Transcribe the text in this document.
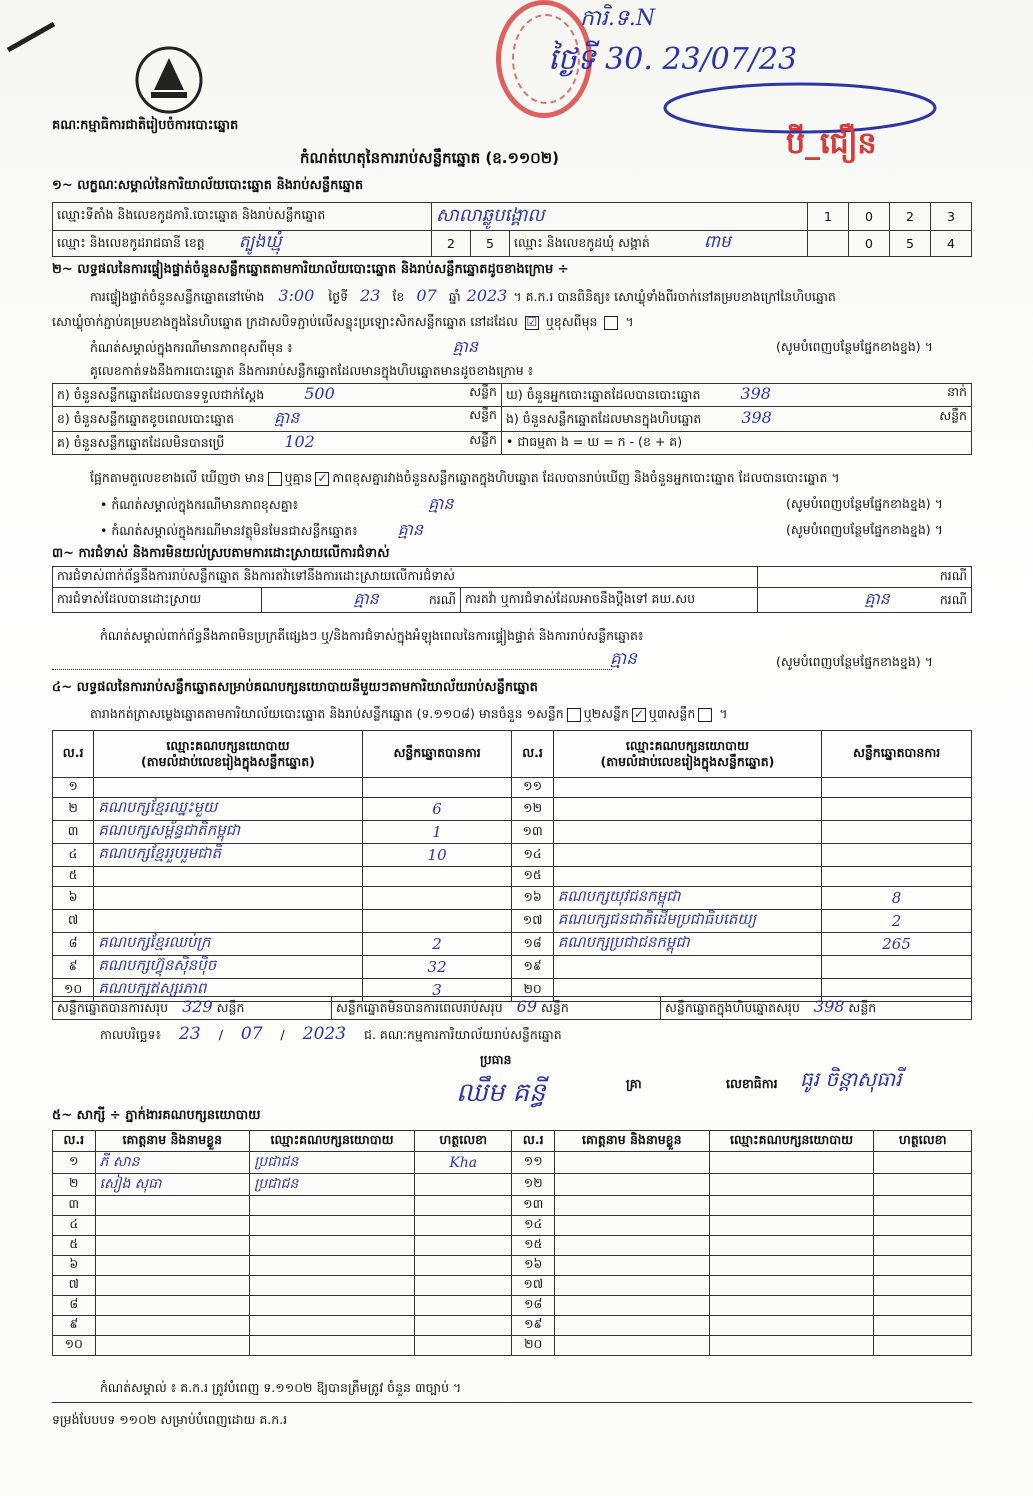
គណៈកម្មាធិការជាតិរៀបចំការបោះឆ្នោត
ការិ.ទ.N
ថ្ងៃទី 30. 23/07/23
បី_ជឿន
កំណត់ហេតុនៃការរាប់សន្លឹកឆ្នោត (ឧ.១១០២)
១~ លក្ខណៈសម្គាល់នៃការិយាល័យបោះឆ្នោត និងរាប់សន្លឹកឆ្នោត
ឈ្មោះទីតាំង និងលេខកូដការិ.បោះឆ្នោត និងរាប់សន្លឹកឆ្នោត	សាលាឆ្លូបង្គោល			1	0	2	3
ឈ្មោះ និងលេខកូដរាជធានី ខេត្ត ត្បូងឃ្មុំ	2	5	ឈ្មោះ និងលេខកូដឃុំ សង្កាត់ ពាម		0	5	4
២~ លទ្ធផលនៃការផ្ទៀងផ្ទាត់ចំនួនសន្លឹកឆ្នោតតាមការិយាល័យបោះឆ្នោត និងរាប់សន្លឹកឆ្នោតដូចខាងក្រោម ÷
ការផ្ទៀងផ្ទាត់ចំនួនសន្លឹកឆ្នោតនៅម៉ោង 3:00 ថ្ងៃទី 23 ខែ 07 ឆ្នាំ 2023 ។ គ.ក.រ បានពិនិត្យ៖ សោឃ្លុំទាំងពីរចាក់នៅគម្របខាងក្រៅនៃហិបឆ្នោត
សោឃ្លុំចាក់ភ្ជាប់គម្របខាងក្នុងនៃហិបឆ្នោត ក្រដាសបិទភ្ជាប់លើសន្លុះប្រឡោះសិកសន្លឹកឆ្នោត នៅដដែល ☑ ឬខុសពីមុន  ។
កំណត់សម្គាល់ក្នុងករណីមានភាពខុសពីមុន ៖	គ្មាន	(សូមបំពេញបន្ថែមផ្នែកខាងខ្នង) ។
គូលេខកាត់ទងនឹងការបោះឆ្នោត និងការរាប់សន្លឹកឆ្នោតដែលមានក្នុងហិបឆ្នោតមានដូចខាងក្រោម ៖
ក) ចំនួនសន្លឹកឆ្នោតដែលបានទទួលជាក់ស្តែង 500 សន្លឹក	ឃ) ចំនួនអ្នកបោះឆ្នោតដែលបានបោះឆ្នោត 398 នាក់

ខ) ចំនួនសន្លឹកឆ្នោតខូចពេលបោះឆ្នោត គ្មាន សន្លឹក	ង) ចំនួនសន្លឹកឆ្នោតដែលមានក្នុងហិបឆ្នោត 398 សន្លឹក

គ) ចំនួនសន្លឹកឆ្នោតដែលមិនបានប្រើ 102 សន្លឹក	• ជាធម្មតា ង = ឃ = ក - (ខ + គ)
ផ្អែកតាមតួលេខខាងលើ ឃើញថា មាន ឬគ្មាន ✓ ភាពខុសគ្នារវាងចំនួនសន្លឹកឆ្នោតក្នុងហិបឆ្នោត ដែលបានរាប់ឃើញ និងចំនួនអ្នកបោះឆ្នោត ដែលបានបោះឆ្នោត ។
• កំណត់សម្គាល់ក្នុងករណីមានភាពខុសគ្នា៖	គ្មាន	(សូមបំពេញបន្ថែមផ្នែកខាងខ្នង) ។
• កំណត់សម្គាល់ក្នុងករណីមានវត្ថុមិនមែនជាសន្លឹកឆ្នោត៖	គ្មាន	(សូមបំពេញបន្ថែមផ្នែកខាងខ្នង) ។
៣~ ការជំទាស់ និងការមិនយល់ស្របតាមការដោះស្រាយលើការជំទាស់
ការជំទាស់ពាក់ព័ន្ធនឹងការរាប់សន្លឹកឆ្នោត និងការតវ៉ាទៅនឹងការដោះស្រាយលើការជំទាស់			ករណី
ការជំទាស់ដែលបានដោះស្រាយ	គ្មាន ករណី	ការតវ៉ា ឬការជំទាស់ដែលអាចនឹងប្តឹងទៅ គឃ.សប	គ្មាន ករណី
កំណត់សម្គាល់ពាក់ព័ន្ធនឹងភាពមិនប្រក្រតីផ្សេងៗ ឬ/និងការជំទាស់ក្នុងអំឡុងពេលនៃការផ្ទៀងផ្ទាត់ និងការរាប់សន្លឹកឆ្នោត៖
គ្មាន	(សូមបំពេញបន្ថែមផ្នែកខាងខ្នង) ។
៤~ លទ្ធផលនៃការរាប់សន្លឹកឆ្នោតសម្រាប់គណបក្សនយោបាយនីមួយៗតាមការិយាល័យរាប់សន្លឹកឆ្នោត
តារាងកត់ត្រាសម្លេងឆ្នោតតាមការិយាល័យបោះឆ្នោត និងរាប់សន្លឹកឆ្នោត (ទ.១១០៨) មានចំនួន ១សន្លឹក ឬ២សន្លឹក ✓ ឬ៣សន្លឹក ។
ល.រ	ឈ្មោះគណបក្សនយោបាយ
(តាមលំដាប់លេខរៀងក្នុងសន្លឹកឆ្នោត)	សន្លឹកឆ្នោតបានការ	ល.រ	ឈ្មោះគណបក្សនយោបាយ
(តាមលំដាប់លេខរៀងក្នុងសន្លឹកឆ្នោត)	សន្លឹកឆ្នោតបានការ
១			១១		
២	គណបក្សខ្មែរឈ្នះមួយ	6	១២		
៣	គណបក្សសម្ព័ន្ធជាតិកម្ពុជា	1	១៣		
៤	គណបក្សខ្មែររួបរួមជាតិ	10	១៤		
៥			១៥		
៦			១៦	គណបក្សយុវជនកម្ពុជា	8
៧			១៧	គណបក្សជនជាតិដើមប្រជាធិបតេយ្យ	2
៨	គណបក្សខ្មែរឈប់ក្រ	2	១៨	គណបក្សប្រជាជនកម្ពុជា	265
៩	គណបក្សហ៊្វុនស៊ិនប៉ិច	32	១៩		
១០	គណបក្សឥស្សរភាព	3	២០		
សន្លឹកឆ្នោតបានការសរុប 329 សន្លឹក	សន្លឹកឆ្នោតមិនបានការពេលរាប់សរុប 69 សន្លឹក	សន្លឹកឆ្នោតក្នុងហិបឆ្នោតសរុប 398 សន្លឹក
កាលបរិច្ឆេទ៖ 23 / 07 / 2023 ជ. គណៈកម្មការការិយាល័យរាប់សន្លឹកឆ្នោត
ប្រធាន
ឈឹម គន្ធី	គ្រា	លេខាធិការ ធូរ ចិន្តាសុធារី
៥~ សាក្សី ÷ ភ្នាក់ងារគណបក្សនយោបាយ
ល.រ	គោត្តនាម និងនាមខ្លួន	ឈ្មោះគណបក្សនយោបាយ	ហត្ថលេខា	ល.រ	គោត្តនាម និងនាមខ្លួន	ឈ្មោះគណបក្សនយោបាយ	ហត្ថលេខា
១	ភី សាន	ប្រជាជន	Kha	១១			
២	សៀង សុធា	ប្រជាជន		១២			
៣				១៣			
៤				១៤			
៥				១៥			
៦				១៦			
៧				១៧			
៨				១៨			
៩				១៩			
១០				២០			
កំណត់សម្គាល់ ៖ គ.ក.រ ត្រូវបំពេញ ទ.១១០២ ឱ្យបានត្រឹមត្រូវ ចំនួន ៣ច្បាប់ ។
ទម្រង់បែបបទ ១១០២ សម្រាប់បំពេញដោយ គ.ក.រ
